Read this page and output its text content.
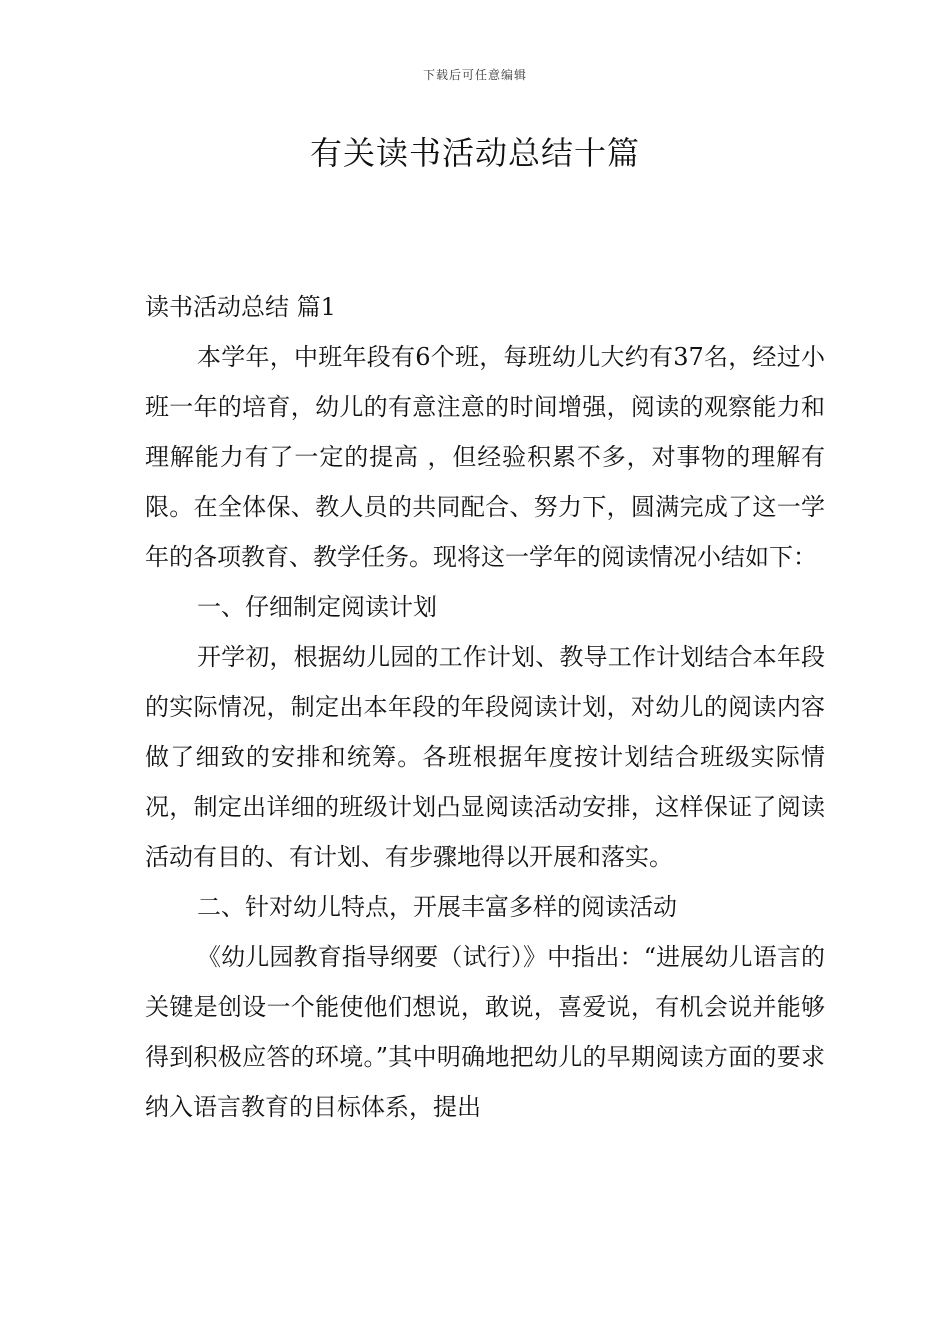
下载后可任意编辑
有关读书活动总结十篇

读书活动总结 篇1

本学年，中班年段有6个班，每班幼儿大约有37名，经过小班一年的培育，幼儿的有意注意的时间增强，阅读的观察能力和理解能力有了一定的提高 ，但经验积累不多，对事物的理解有限。在全体保、教人员的共同配合、努力下，圆满完成了这一学年的各项教育、教学任务。现将这一学年的阅读情况小结如下：

一、仔细制定阅读计划

开学初，根据幼儿园的工作计划、教导工作计划结合本年段的实际情况，制定出本年段的年段阅读计划，对幼儿的阅读内容做了细致的安排和统筹。各班根据年度按计划结合班级实际情况，制定出详细的班级计划凸显阅读活动安排，这样保证了阅读活动有目的、有计划、有步骤地得以开展和落实。

二、针对幼儿特点，开展丰富多样的阅读活动

《幼儿园教育指导纲要（试行）》中指出：“进展幼儿语言的关键是创设一个能使他们想说，敢说，喜爱说，有机会说并能够得到积极应答的环境。”其中明确地把幼儿的早期阅读方面的要求纳入语言教育的目标体系，提出
